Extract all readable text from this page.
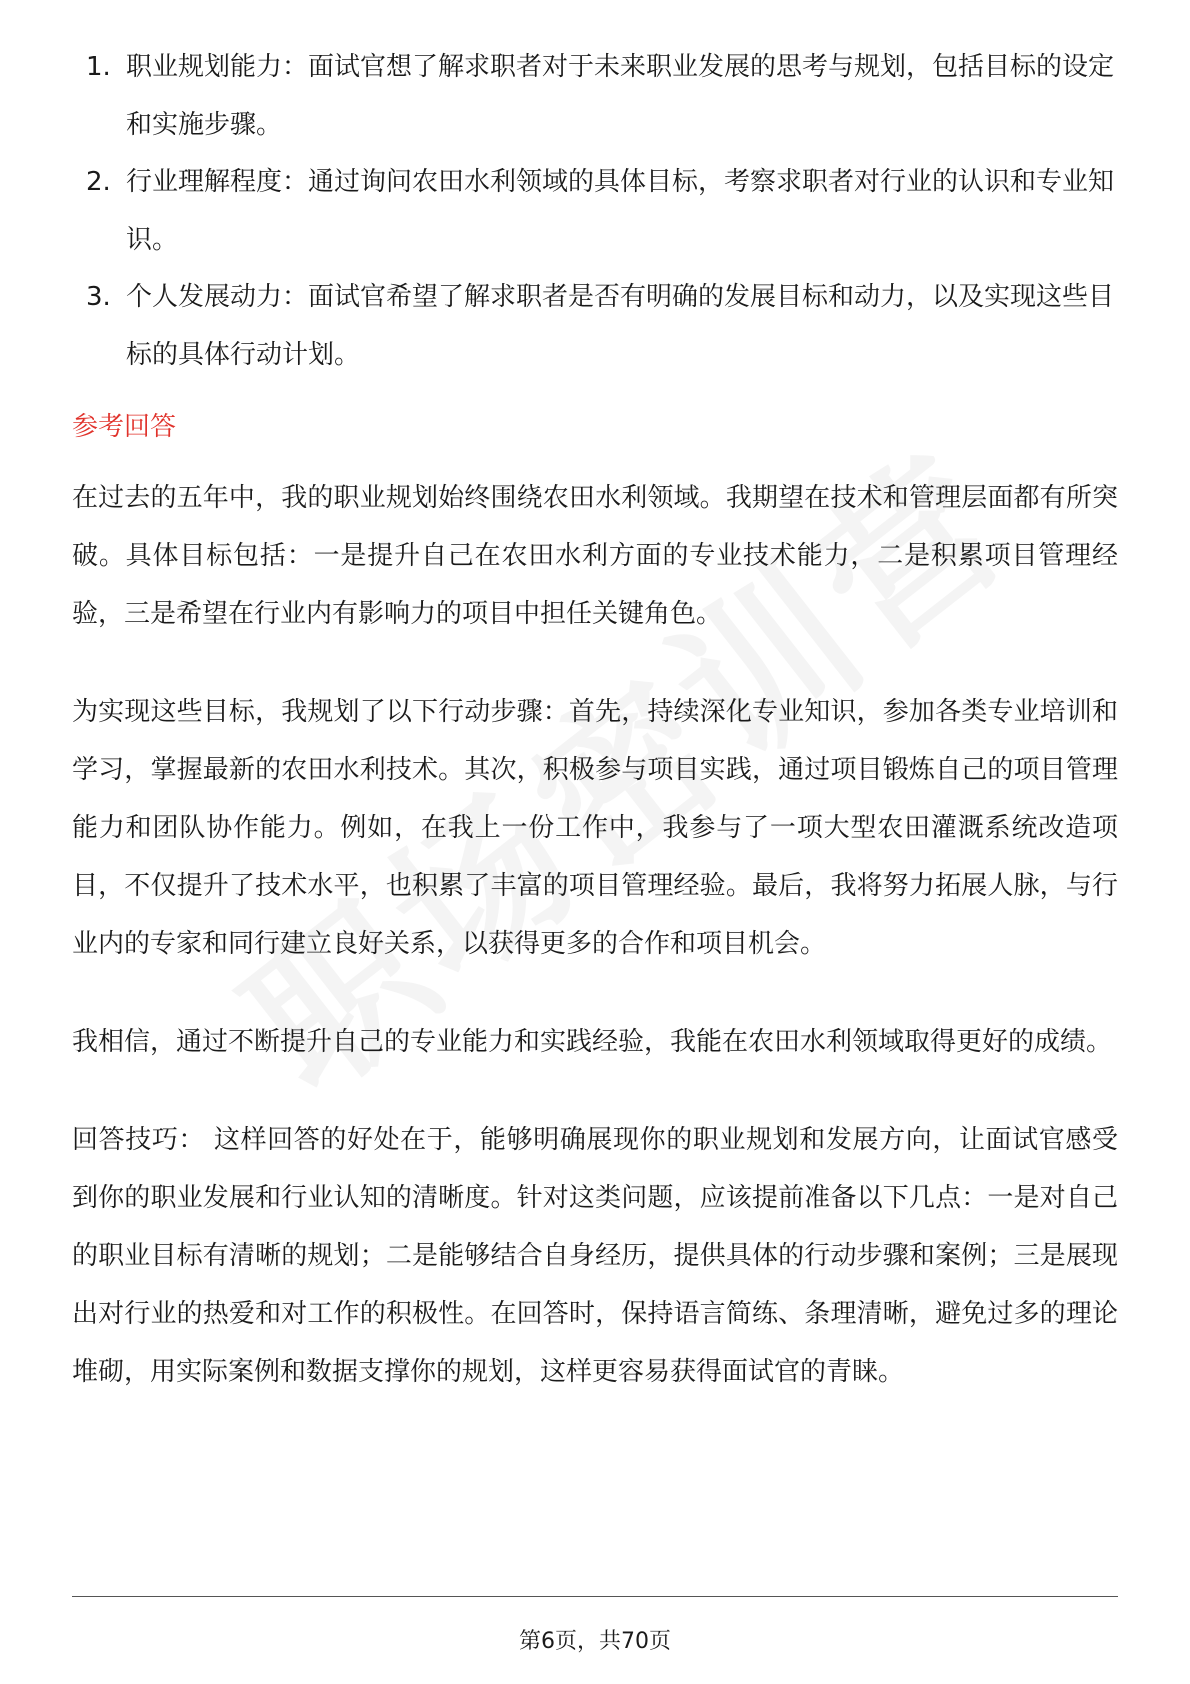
1. 职业规划能力：面试官想了解求职者对于未来职业发展的思考与规划，包括目标的设定和实施步骤。
2. 行业理解程度：通过询问农田水利领域的具体目标，考察求职者对行业的认识和专业知识。
3. 个人发展动力：面试官希望了解求职者是否有明确的发展目标和动力，以及实现这些目标的具体行动计划。
参考回答

在过去的五年中，我的职业规划始终围绕农田水利领域。我期望在技术和管理层面都有所突破。具体目标包括：一是提升自己在农田水利方面的专业技术能力，二是积累项目管理经验，三是希望在行业内有影响力的项目中担任关键角色。

为实现这些目标，我规划了以下行动步骤：首先，持续深化专业知识，参加各类专业培训和学习，掌握最新的农田水利技术。其次，积极参与项目实践，通过项目锻炼自己的项目管理能力和团队协作能力。例如，在我上一份工作中，我参与了一项大型农田灌溉系统改造项目，不仅提升了技术水平，也积累了丰富的项目管理经验。最后，我将努力拓展人脉，与行业内的专家和同行建立良好关系，以获得更多的合作和项目机会。

我相信，通过不断提升自己的专业能力和实践经验，我能在农田水利领域取得更好的成绩。

回答技巧： 这样回答的好处在于，能够明确展现你的职业规划和发展方向，让面试官感受到你的职业发展和行业认知的清晰度。针对这类问题，应该提前准备以下几点：一是对自己的职业目标有清晰的规划；二是能够结合自身经历，提供具体的行动步骤和案例；三是展现出对行业的热爱和对工作的积极性。在回答时，保持语言简练、条理清晰，避免过多的理论堆砌，用实际案例和数据支撑你的规划，这样更容易获得面试官的青睐。

第6页，共70页
